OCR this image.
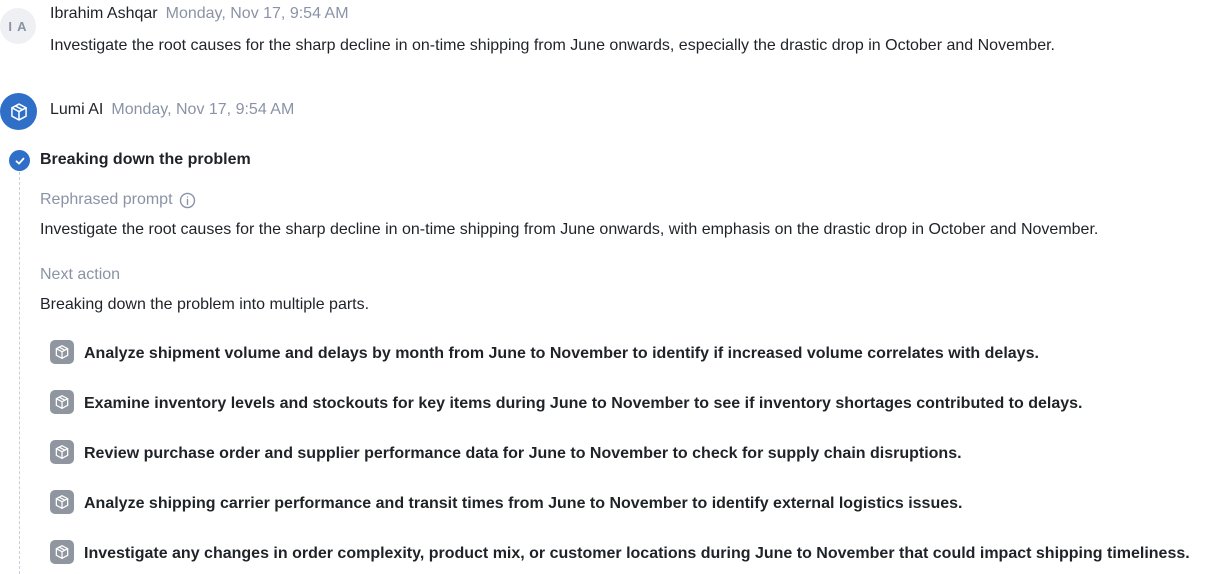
I A
Ibrahim Ashqar Monday, Nov 17, 9:54 AM
Investigate the root causes for the sharp decline in on-time shipping from June onwards, especially the drastic drop in October and November.
Lumi AI Monday, Nov 17, 9:54 AM
Breaking down the problem
Rephrased prompt
Investigate the root causes for the sharp decline in on-time shipping from June onwards, with emphasis on the drastic drop in October and November.
Next action
Breaking down the problem into multiple parts.
Analyze shipment volume and delays by month from June to November to identify if increased volume correlates with delays.
Examine inventory levels and stockouts for key items during June to November to see if inventory shortages contributed to delays.
Review purchase order and supplier performance data for June to November to check for supply chain disruptions.
Analyze shipping carrier performance and transit times from June to November to identify external logistics issues.
Investigate any changes in order complexity, product mix, or customer locations during June to November that could impact shipping timeliness.
